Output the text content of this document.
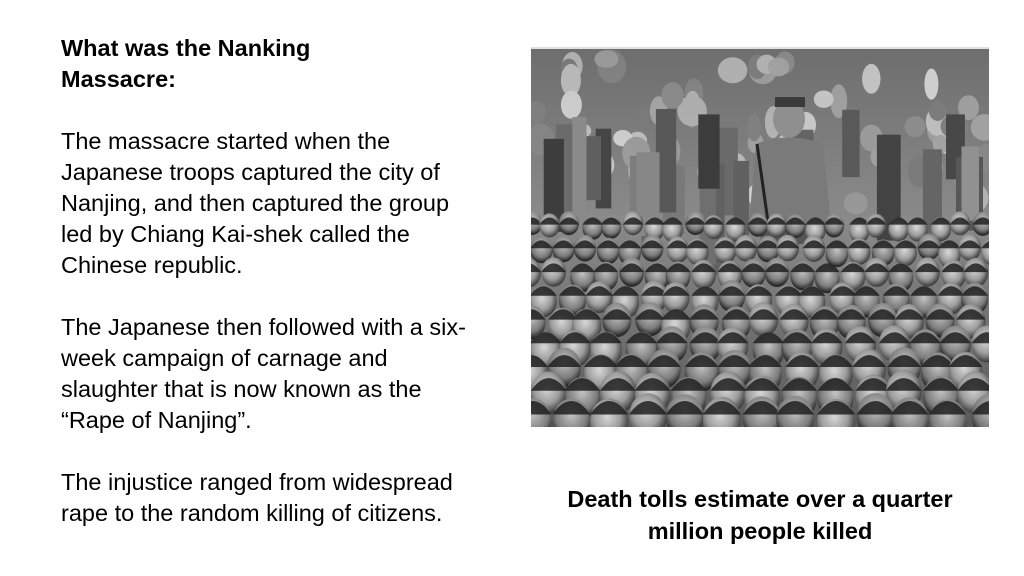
What was the Nanking Massacre:
The massacre started when the Japanese troops captured the city of Nanjing, and then captured the group led by Chiang Kai-shek called the Chinese republic.
The Japanese then followed with a six- week campaign of carnage and slaughter that is now known as the “Rape of Nanjing”.
The injustice ranged from widespread rape to the random killing of citizens.
Death tolls estimate over a quarter million people killed
